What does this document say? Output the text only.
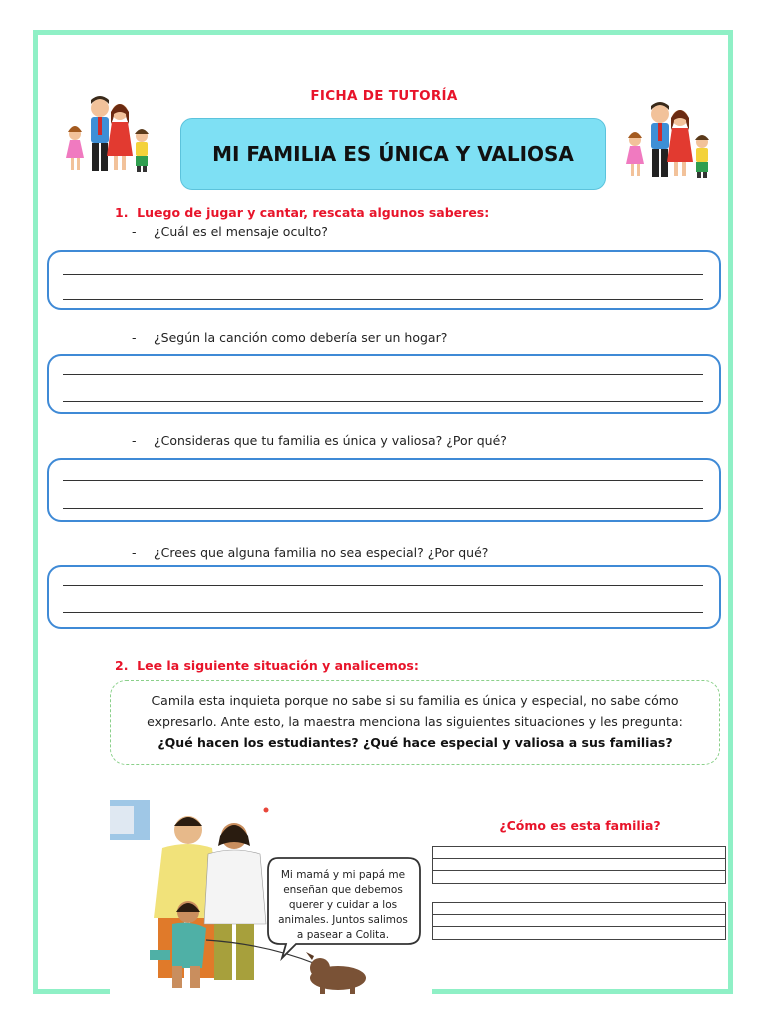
FICHA DE TUTORÍA
MI FAMILIA ES ÚNICA Y VALIOSA
1.  Luego de jugar y cantar, rescata algunos saberes:
- ¿Cuál es el mensaje oculto?
- ¿Según la canción como debería ser un hogar?
- ¿Consideras que tu familia es única y valiosa? ¿Por qué?
- ¿Crees que alguna familia no sea especial? ¿Por qué?
2.  Lee la siguiente situación y analicemos:
Camila esta inquieta porque no sabe si su familia es única y especial, no sabe cómo
expresarlo. Ante esto, la maestra menciona las siguientes situaciones y les pregunta:
¿Qué hacen los estudiantes? ¿Qué hace especial y valiosa a sus familias?
Mi mamá y mi papá me
enseñan que debemos
querer y cuidar a los
animales. Juntos salimos
a pasear a Colita.
¿Cómo es esta familia?
